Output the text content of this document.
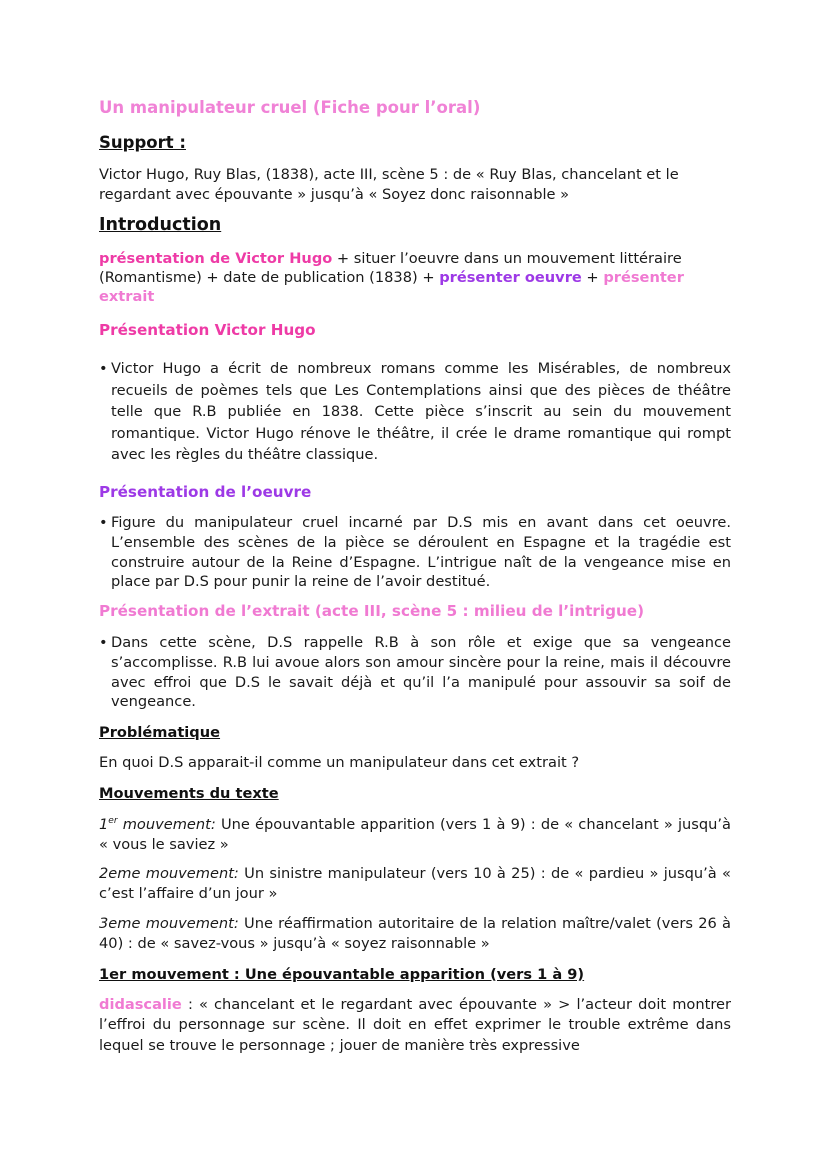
Un manipulateur cruel (Fiche pour l’oral)
Support :
Victor Hugo, Ruy Blas, (1838), acte III, scène 5 : de « Ruy Blas, chancelant et le regardant avec épouvante » jusqu’à « Soyez donc raisonnable »
Introduction
présentation de Victor Hugo + situer l’oeuvre dans un mouvement littéraire (Romantisme) + date de publication (1838) + présenter oeuvre + présenter extrait
Présentation Victor Hugo
• Victor Hugo a écrit de nombreux romans comme les Misérables, de nombreux recueils de poèmes tels que Les Contemplations ainsi que des pièces de théâtre telle que R.B publiée en 1838. Cette pièce s’inscrit au sein du mouvement romantique. Victor Hugo rénove le théâtre, il crée le drame romantique qui rompt avec les règles du théâtre classique.
Présentation de l’oeuvre
• Figure du manipulateur cruel incarné par D.S mis en avant dans cet oeuvre. L’ensemble des scènes de la pièce se déroulent en Espagne et la tragédie est construire autour de la Reine d’Espagne. L’intrigue naît de la vengeance mise en place par D.S pour punir la reine de l’avoir destitué.
Présentation de l’extrait (acte III, scène 5 : milieu de l’intrigue)
• Dans cette scène, D.S rappelle R.B à son rôle et exige que sa vengeance s’accomplisse. R.B lui avoue alors son amour sincère pour la reine, mais il découvre avec effroi que D.S le savait déjà et qu’il l’a manipulé pour assouvir sa soif de vengeance.
Problématique
En quoi D.S apparait-il comme un manipulateur dans cet extrait ?
Mouvements du texte
1er mouvement: Une épouvantable apparition (vers 1 à 9) : de « chancelant » jusqu’à « vous le saviez »
2eme mouvement: Un sinistre manipulateur (vers 10 à 25) : de « pardieu » jusqu’à « c’est l’affaire d’un jour »
3eme mouvement: Une réaffirmation autoritaire de la relation maître/valet (vers 26 à 40) : de « savez-vous » jusqu’à « soyez raisonnable »
1er mouvement : Une épouvantable apparition (vers 1 à 9)
didascalie : « chancelant et le regardant avec épouvante » > l’acteur doit montrer l’effroi du personnage sur scène. Il doit en effet exprimer le trouble extrême dans lequel se trouve le personnage ; jouer de manière très expressive
